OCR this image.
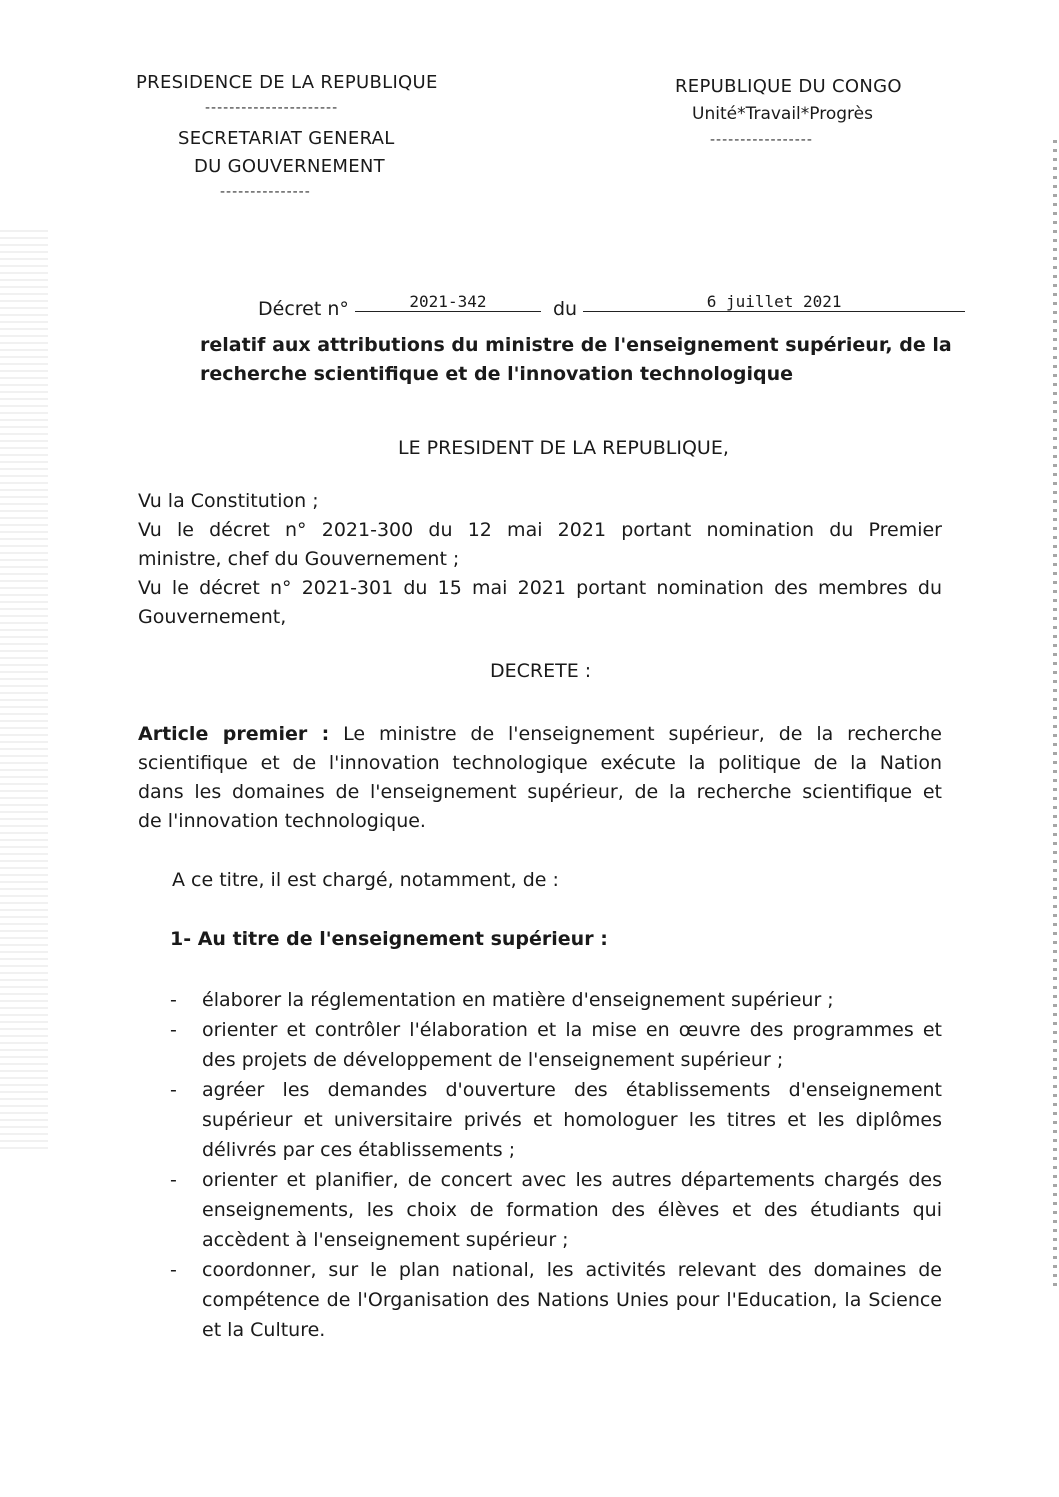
PRESIDENCE DE LA REPUBLIQUE
----------------------
SECRETARIAT GENERAL
DU GOUVERNEMENT
---------------
REPUBLIQUE DU CONGO
Unité*Travail*Progrès
-----------------
Décret n°	2021-342	du	6 juillet 2021
relatif aux attributions du ministre de l'enseignement supérieur, de la
recherche scientifique et de l'innovation technologique
LE PRESIDENT DE LA REPUBLIQUE,
Vu la Constitution ;
Vu le décret n° 2021-300 du 12 mai 2021 portant nomination du Premier
ministre, chef du Gouvernement ;
Vu le décret n° 2021-301 du 15 mai 2021 portant nomination des membres du
Gouvernement,
DECRETE :
Article premier : Le ministre de l'enseignement supérieur, de la recherche
scientifique et de l'innovation technologique exécute la politique de la Nation
dans les domaines de l'enseignement supérieur, de la recherche scientifique et
de l'innovation technologique.
A ce titre, il est chargé, notamment, de :
1- Au titre de l'enseignement supérieur :
- élaborer la réglementation en matière d'enseignement supérieur ;
- orienter et contrôler l'élaboration et la mise en œuvre des programmes et des projets de développement de l'enseignement supérieur ;
- agréer les demandes d'ouverture des établissements d'enseignement supérieur et universitaire privés et homologuer les titres et les diplômes délivrés par ces établissements ;
- orienter et planifier, de concert avec les autres départements chargés des enseignements, les choix de formation des élèves et des étudiants qui accèdent à l'enseignement supérieur ;
- coordonner, sur le plan national, les activités relevant des domaines de compétence de l'Organisation des Nations Unies pour l'Education, la Science et la Culture.
